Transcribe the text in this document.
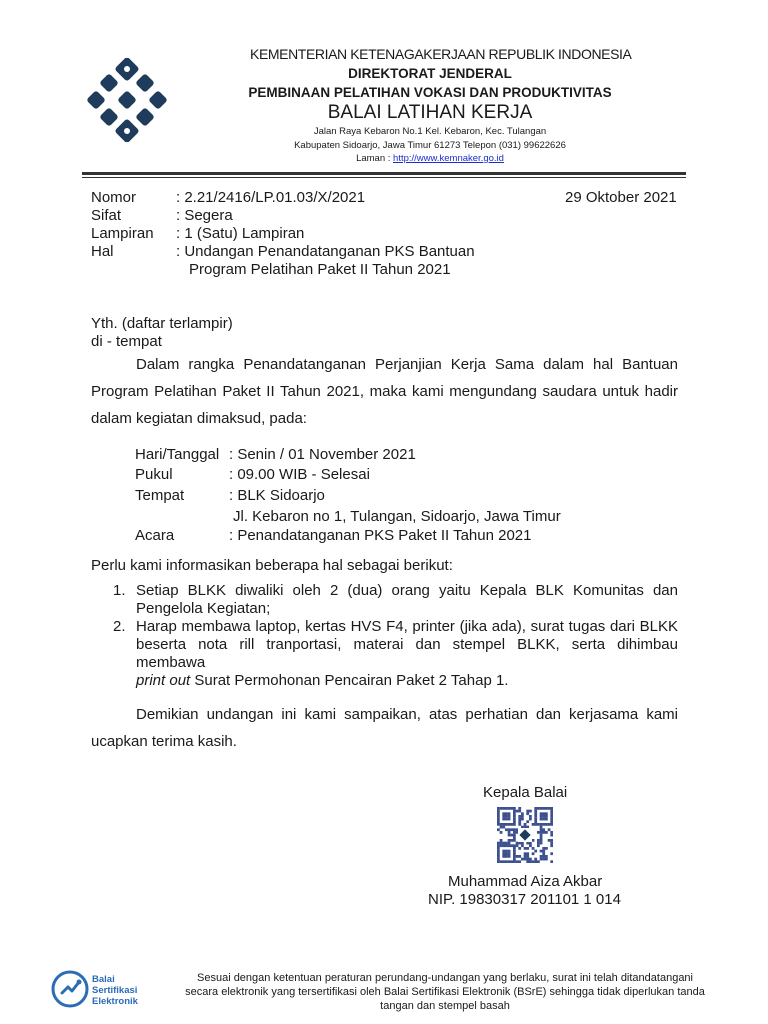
KEMENTERIAN KETENAGAKERJAAN REPUBLIK INDONESIA
DIREKTORAT JENDERAL
PEMBINAAN PELATIHAN VOKASI DAN PRODUKTIVITAS
BALAI LATIHAN KERJA
Jalan Raya Kebaron No.1 Kel. Kebaron, Kec. Tulangan
Kabupaten Sidoarjo, Jawa Timur 61273 Telepon (031) 99622626
Laman : http://www.kemnaker.go.id
Nomor	: 2.21/2416/LP.01.03/X/2021	29 Oktober 2021
Sifat	: Segera
Lampiran : 1 (Satu) Lampiran
Hal	: Undangan Penandatanganan PKS Bantuan
Program Pelatihan Paket II Tahun 2021
Yth. (daftar terlampir)
di - tempat
Dalam rangka Penandatanganan Perjanjian Kerja Sama dalam hal Bantuan
Program Pelatihan Paket II Tahun 2021, maka kami mengundang saudara untuk hadir
dalam kegiatan dimaksud, pada:
Hari/Tanggal : Senin / 01 November 2021
Pukul	: 09.00 WIB - Selesai
Tempat	: BLK Sidoarjo
Jl. Kebaron no 1, Tulangan, Sidoarjo, Jawa Timur
Acara	: Penandatanganan PKS Paket II Tahun 2021
Perlu kami informasikan beberapa hal sebagai berikut:
1. Setiap BLKK diwaliki oleh 2 (dua) orang yaitu Kepala BLK Komunitas dan
Pengelola Kegiatan;
2. Harap membawa laptop, kertas HVS F4, printer (jika ada), surat tugas dari BLKK
beserta nota rill tranportasi, materai dan stempel BLKK, serta dihimbau membawa
print out Surat Permohonan Pencairan Paket 2 Tahap 1.
Demikian undangan ini kami sampaikan, atas perhatian dan kerjasama kami
ucapkan terima kasih.
Kepala Balai
Muhammad Aiza Akbar
NIP. 19830317 201101 1 014
Balai
Sertifikasi
Elektronik
Sesuai dengan ketentuan peraturan perundang-undangan yang berlaku, surat ini telah ditandatangani
secara elektronik yang tersertifikasi oleh Balai Sertifikasi Elektronik (BSrE) sehingga tidak diperlukan tanda
tangan dan stempel basah
